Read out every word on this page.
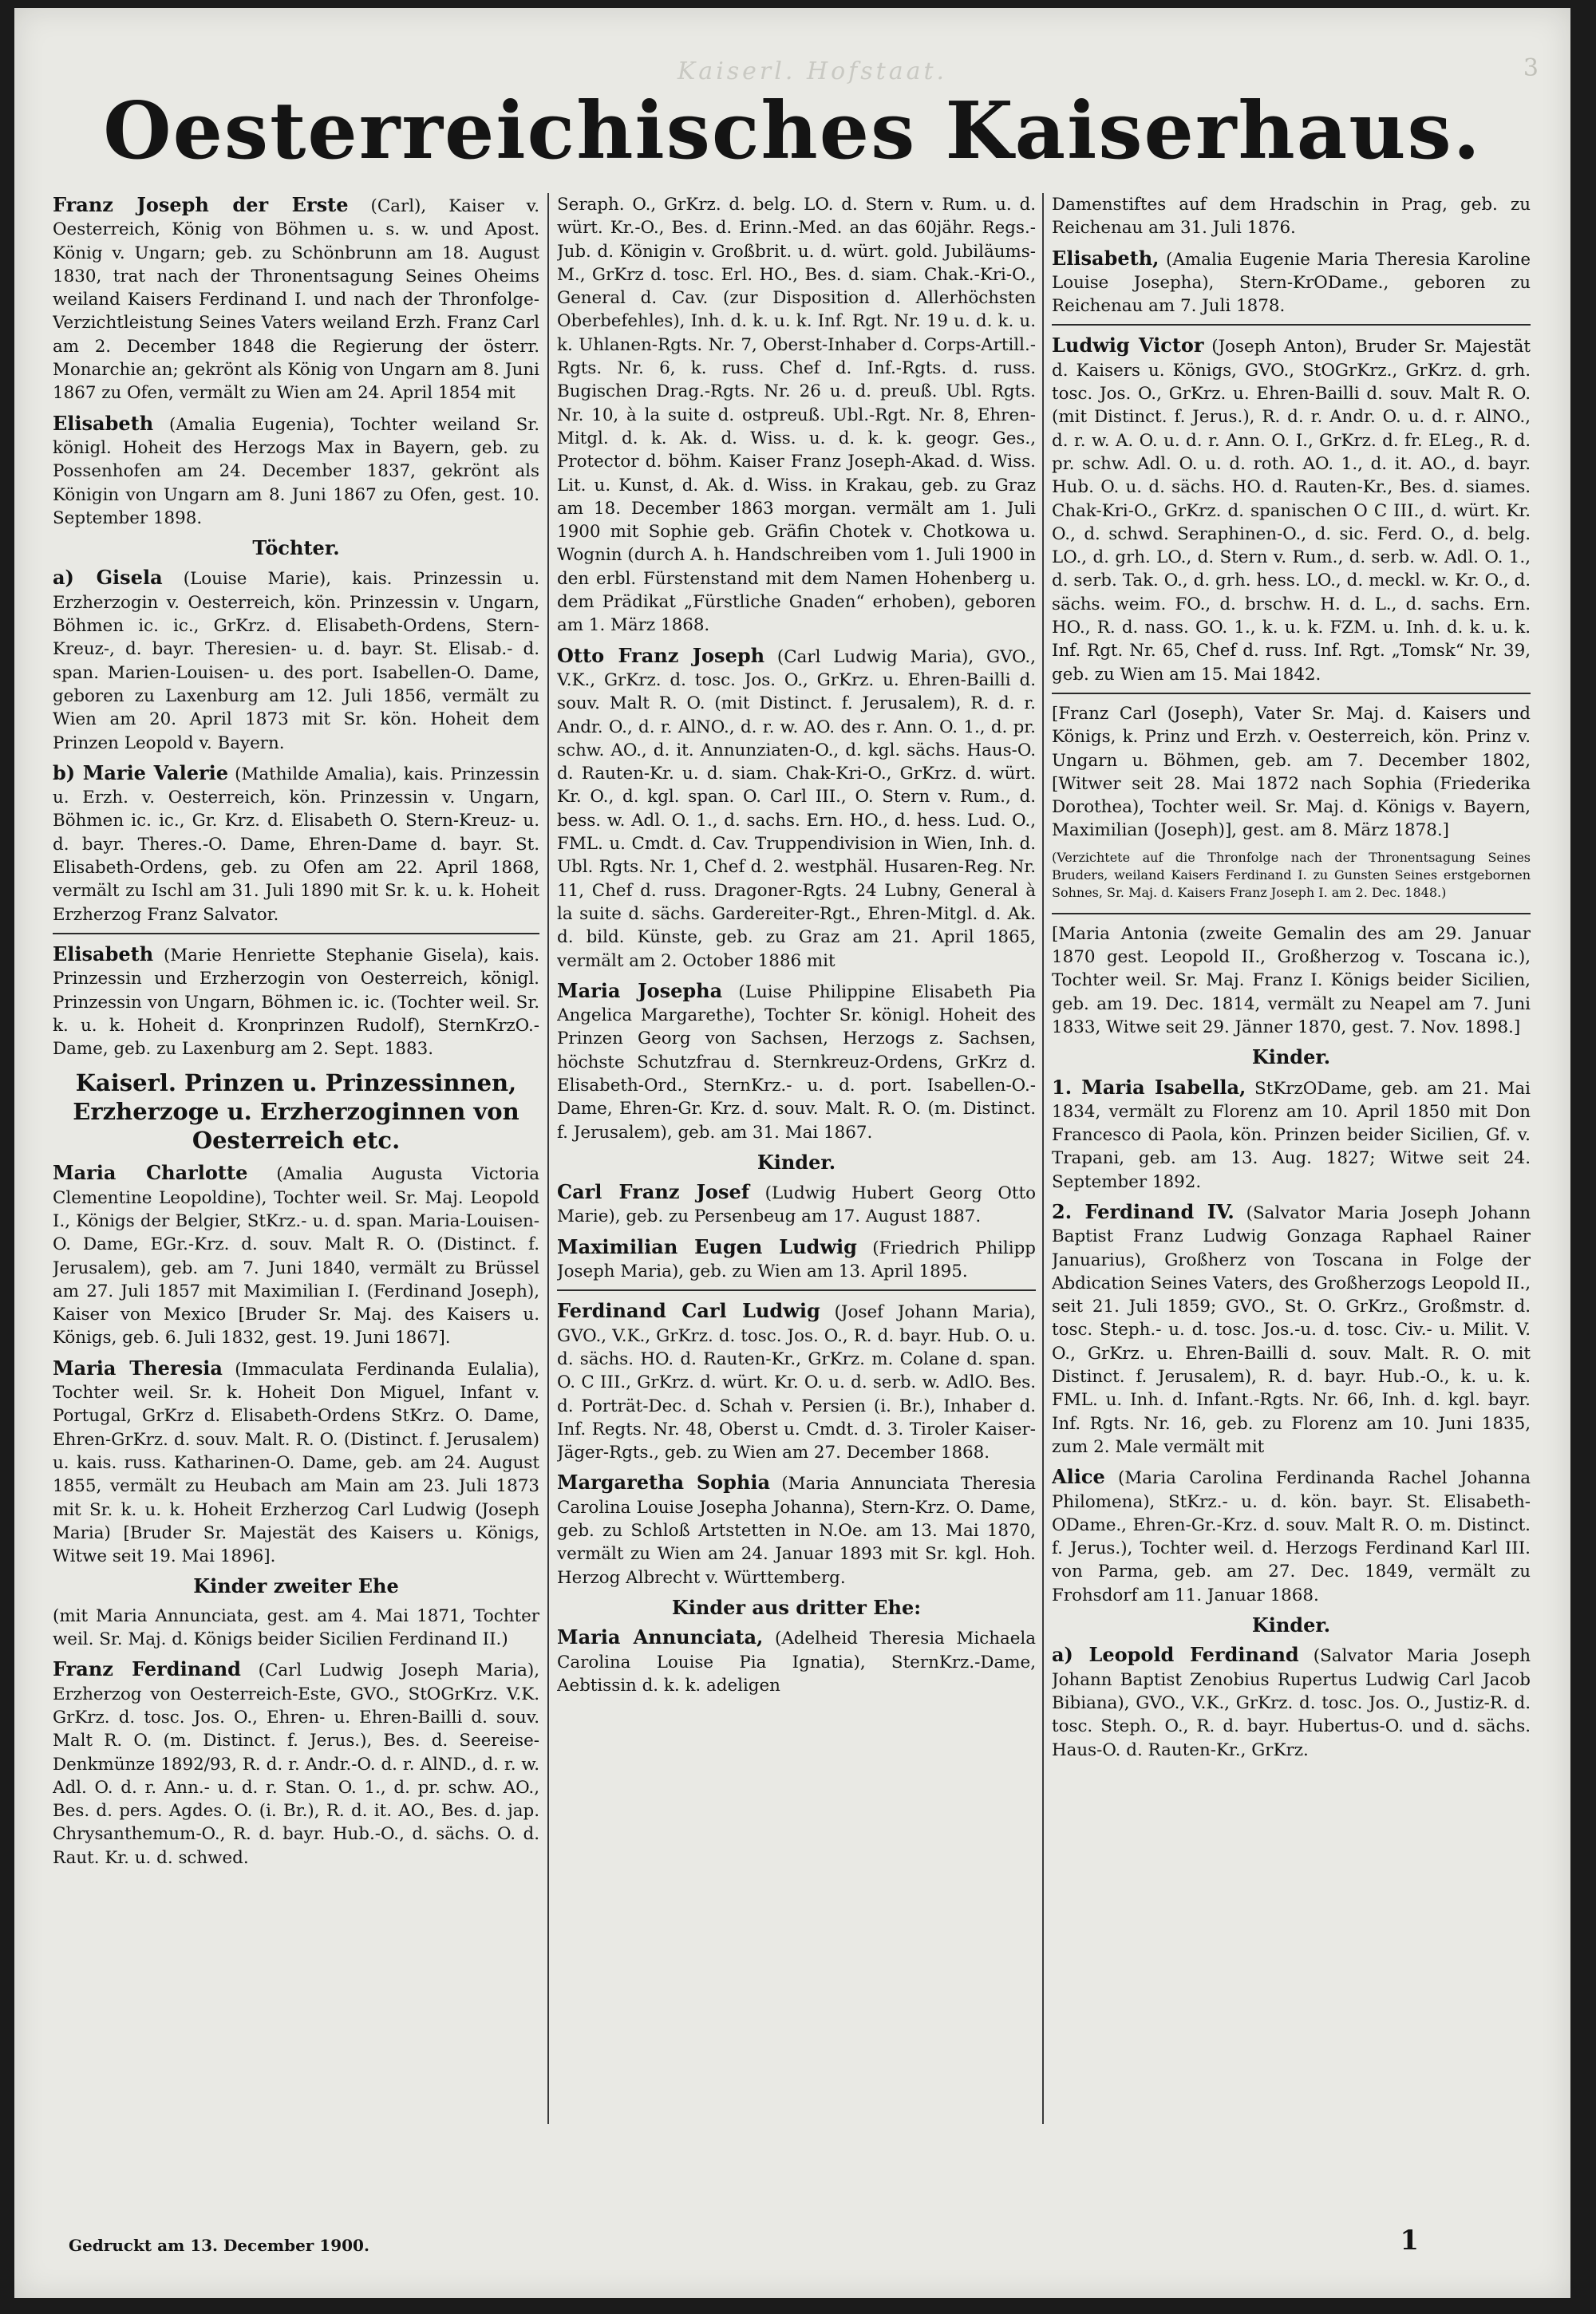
Kaiserl. Hofstaat.	3
Oesterreichisches Kaiserhaus.
Franz Joseph der Erste (Carl), Kaiser v. Oesterreich, König von Böhmen u. s. w. und Apost. König v. Ungarn; geb. zu Schönbrunn am 18. August 1830, trat nach der Thronentsagung Seines Oheims weiland Kaisers Ferdinand I. und nach der Thronfolge-Verzichtleistung Seines Vaters weiland Erzh. Franz Carl am 2. December 1848 die Regierung der österr. Monarchie an; gekrönt als König von Ungarn am 8. Juni 1867 zu Ofen, vermält zu Wien am 24. April 1854 mit
Elisabeth (Amalia Eugenia), Tochter weiland Sr. königl. Hoheit des Herzogs Max in Bayern, geb. zu Possenhofen am 24. December 1837, gekrönt als Königin von Ungarn am 8. Juni 1867 zu Ofen, gest. 10. September 1898.
Töchter.
a) Gisela (Louise Marie), kais. Prinzessin u. Erzherzogin v. Oesterreich, kön. Prinzessin v. Ungarn, Böhmen ic. ic., GrKrz. d. Elisabeth-Ordens, Stern-Kreuz-, d. bayr. Theresien- u. d. bayr. St. Elisab.- d. span. Marien-Louisen- u. des port. Isabellen-O. Dame, geboren zu Laxenburg am 12. Juli 1856, vermält zu Wien am 20. April 1873 mit Sr. kön. Hoheit dem Prinzen Leopold v. Bayern.
b) Marie Valerie (Mathilde Amalia), kais. Prinzessin u. Erzh. v. Oesterreich, kön. Prinzessin v. Ungarn, Böhmen ic. ic., Gr. Krz. d. Elisabeth O. Stern-Kreuz- u. d. bayr. Theres.-O. Dame, Ehren-Dame d. bayr. St. Elisabeth-Ordens, geb. zu Ofen am 22. April 1868, vermält zu Ischl am 31. Juli 1890 mit Sr. k. u. k. Hoheit Erzherzog Franz Salvator.
Elisabeth (Marie Henriette Stephanie Gisela), kais. Prinzessin und Erzherzogin von Oesterreich, königl. Prinzessin von Ungarn, Böhmen ic. ic. (Tochter weil. Sr. k. u. k. Hoheit d. Kronprinzen Rudolf), SternKrzO.-Dame, geb. zu Laxenburg am 2. Sept. 1883.
Kaiserl. Prinzen u. Prinzessinnen, Erzherzoge u. Erzherzoginnen von Oesterreich etc.
Maria Charlotte (Amalia Augusta Victoria Clementine Leopoldine), Tochter weil. Sr. Maj. Leopold I., Königs der Belgier, StKrz.- u. d. span. Maria-Louisen-O. Dame, EGr.-Krz. d. souv. Malt R. O. (Distinct. f. Jerusalem), geb. am 7. Juni 1840, vermält zu Brüssel am 27. Juli 1857 mit Maximilian I. (Ferdinand Joseph), Kaiser von Mexico [Bruder Sr. Maj. des Kaisers u. Königs, geb. 6. Juli 1832, gest. 19. Juni 1867].
Maria Theresia (Immaculata Ferdinanda Eulalia), Tochter weil. Sr. k. Hoheit Don Miguel, Infant v. Portugal, GrKrz d. Elisabeth-Ordens StKrz. O. Dame, Ehren-GrKrz. d. souv. Malt. R. O. (Distinct. f. Jerusalem) u. kais. russ. Katharinen-O. Dame, geb. am 24. August 1855, vermält zu Heubach am Main am 23. Juli 1873 mit Sr. k. u. k. Hoheit Erzherzog Carl Ludwig (Joseph Maria) [Bruder Sr. Majestät des Kaisers u. Königs, Witwe seit 19. Mai 1896].
Kinder zweiter Ehe
(mit Maria Annunciata, gest. am 4. Mai 1871, Tochter weil. Sr. Maj. d. Königs beider Sicilien Ferdinand II.)
Franz Ferdinand (Carl Ludwig Joseph Maria), Erzherzog von Oesterreich-Este, GVO., StOGrKrz. V.K. GrKrz. d. tosc. Jos. O., Ehren- u. Ehren-Bailli d. souv. Malt R. O. (m. Distinct. f. Jerus.), Bes. d. Seereise-Denkmünze 1892/93, R. d. r. Andr.-O. d. r. AlND., d. r. w. Adl. O. d. r. Ann.- u. d. r. Stan. O. 1., d. pr. schw. AO., Bes. d. pers. Agdes. O. (i. Br.), R. d. it. AO., Bes. d. jap. Chrysanthemum-O., R. d. bayr. Hub.-O., d. sächs. O. d. Raut. Kr. u. d. schwed.
Seraph. O., GrKrz. d. belg. LO. d. Stern v. Rum. u. d. würt. Kr.-O., Bes. d. Erinn.-Med. an das 60jähr. Regs.-Jub. d. Königin v. Großbrit. u. d. würt. gold. Jubiläums-M., GrKrz d. tosc. Erl. HO., Bes. d. siam. Chak.-Kri-O., General d. Cav. (zur Disposition d. Allerhöchsten Oberbefehles), Inh. d. k. u. k. Inf. Rgt. Nr. 19 u. d. k. u. k. Uhlanen-Rgts. Nr. 7, Oberst-Inhaber d. Corps-Artill.-Rgts. Nr. 6, k. russ. Chef d. Inf.-Rgts. d. russ. Bugischen Drag.-Rgts. Nr. 26 u. d. preuß. Ubl. Rgts. Nr. 10, à la suite d. ostpreuß. Ubl.-Rgt. Nr. 8, Ehren-Mitgl. d. k. Ak. d. Wiss. u. d. k. k. geogr. Ges., Protector d. böhm. Kaiser Franz Joseph-Akad. d. Wiss. Lit. u. Kunst, d. Ak. d. Wiss. in Krakau, geb. zu Graz am 18. December 1863 morgan. vermält am 1. Juli 1900 mit Sophie geb. Gräfin Chotek v. Chotkowa u. Wognin (durch A. h. Handschreiben vom 1. Juli 1900 in den erbl. Fürstenstand mit dem Namen Hohenberg u. dem Prädikat „Fürstliche Gnaden“ erhoben), geboren am 1. März 1868.
Otto Franz Joseph (Carl Ludwig Maria), GVO., V.K., GrKrz. d. tosc. Jos. O., GrKrz. u. Ehren-Bailli d. souv. Malt R. O. (mit Distinct. f. Jerusalem), R. d. r. Andr. O., d. r. AlNO., d. r. w. AO. des r. Ann. O. 1., d. pr. schw. AO., d. it. Annunziaten-O., d. kgl. sächs. Haus-O. d. Rauten-Kr. u. d. siam. Chak-Kri-O., GrKrz. d. würt. Kr. O., d. kgl. span. O. Carl III., O. Stern v. Rum., d. bess. w. Adl. O. 1., d. sachs. Ern. HO., d. hess. Lud. O., FML. u. Cmdt. d. Cav. Truppendivision in Wien, Inh. d. Ubl. Rgts. Nr. 1, Chef d. 2. westphäl. Husaren-Reg. Nr. 11, Chef d. russ. Dragoner-Rgts. 24 Lubny, General à la suite d. sächs. Gardereiter-Rgt., Ehren-Mitgl. d. Ak. d. bild. Künste, geb. zu Graz am 21. April 1865, vermält am 2. October 1886 mit
Maria Josepha (Luise Philippine Elisabeth Pia Angelica Margarethe), Tochter Sr. königl. Hoheit des Prinzen Georg von Sachsen, Herzogs z. Sachsen, höchste Schutzfrau d. Sternkreuz-Ordens, GrKrz d. Elisabeth-Ord., SternKrz.- u. d. port. Isabellen-O.-Dame, Ehren-Gr. Krz. d. souv. Malt. R. O. (m. Distinct. f. Jerusalem), geb. am 31. Mai 1867.
Kinder.
Carl Franz Josef (Ludwig Hubert Georg Otto Marie), geb. zu Persenbeug am 17. August 1887.
Maximilian Eugen Ludwig (Friedrich Philipp Joseph Maria), geb. zu Wien am 13. April 1895.
Ferdinand Carl Ludwig (Josef Johann Maria), GVO., V.K., GrKrz. d. tosc. Jos. O., R. d. bayr. Hub. O. u. d. sächs. HO. d. Rauten-Kr., GrKrz. m. Colane d. span. O. C III., GrKrz. d. würt. Kr. O. u. d. serb. w. AdlO. Bes. d. Porträt-Dec. d. Schah v. Persien (i. Br.), Inhaber d. Inf. Regts. Nr. 48, Oberst u. Cmdt. d. 3. Tiroler Kaiser-Jäger-Rgts., geb. zu Wien am 27. December 1868.
Margaretha Sophia (Maria Annunciata Theresia Carolina Louise Josepha Johanna), Stern-Krz. O. Dame, geb. zu Schloß Artstetten in N.Oe. am 13. Mai 1870, vermält zu Wien am 24. Januar 1893 mit Sr. kgl. Hoh. Herzog Albrecht v. Württemberg.
Kinder aus dritter Ehe:
Maria Annunciata, (Adelheid Theresia Michaela Carolina Louise Pia Ignatia), SternKrz.-Dame, Aebtissin d. k. k. adeligen
Damenstiftes auf dem Hradschin in Prag, geb. zu Reichenau am 31. Juli 1876.
Elisabeth, (Amalia Eugenie Maria Theresia Karoline Louise Josepha), Stern-KrODame., geboren zu Reichenau am 7. Juli 1878.
Ludwig Victor (Joseph Anton), Bruder Sr. Majestät d. Kaisers u. Königs, GVO., StOGrKrz., GrKrz. d. grh. tosc. Jos. O., GrKrz. u. Ehren-Bailli d. souv. Malt R. O. (mit Distinct. f. Jerus.), R. d. r. Andr. O. u. d. r. AlNO., d. r. w. A. O. u. d. r. Ann. O. I., GrKrz. d. fr. ELeg., R. d. pr. schw. Adl. O. u. d. roth. AO. 1., d. it. AO., d. bayr. Hub. O. u. d. sächs. HO. d. Rauten-Kr., Bes. d. siames. Chak-Kri-O., GrKrz. d. spanischen O C III., d. würt. Kr. O., d. schwd. Seraphinen-O., d. sic. Ferd. O., d. belg. LO., d. grh. LO., d. Stern v. Rum., d. serb. w. Adl. O. 1., d. serb. Tak. O., d. grh. hess. LO., d. meckl. w. Kr. O., d. sächs. weim. FO., d. brschw. H. d. L., d. sachs. Ern. HO., R. d. nass. GO. 1., k. u. k. FZM. u. Inh. d. k. u. k. Inf. Rgt. Nr. 65, Chef d. russ. Inf. Rgt. „Tomsk“ Nr. 39, geb. zu Wien am 15. Mai 1842.
[Franz Carl (Joseph), Vater Sr. Maj. d. Kaisers und Königs, k. Prinz und Erzh. v. Oesterreich, kön. Prinz v. Ungarn u. Böhmen, geb. am 7. December 1802, [Witwer seit 28. Mai 1872 nach Sophia (Friederika Dorothea), Tochter weil. Sr. Maj. d. Königs v. Bayern, Maximilian (Joseph)], gest. am 8. März 1878.]
(Verzichtete auf die Thronfolge nach der Thronentsagung Seines Bruders, weiland Kaisers Ferdinand I. zu Gunsten Seines erstgebornen Sohnes, Sr. Maj. d. Kaisers Franz Joseph I. am 2. Dec. 1848.)
[Maria Antonia (zweite Gemalin des am 29. Januar 1870 gest. Leopold II., Großherzog v. Toscana ic.), Tochter weil. Sr. Maj. Franz I. Königs beider Sicilien, geb. am 19. Dec. 1814, vermält zu Neapel am 7. Juni 1833, Witwe seit 29. Jänner 1870, gest. 7. Nov. 1898.]
Kinder.
1. Maria Isabella, StKrzODame, geb. am 21. Mai 1834, vermält zu Florenz am 10. April 1850 mit Don Francesco di Paola, kön. Prinzen beider Sicilien, Gf. v. Trapani, geb. am 13. Aug. 1827; Witwe seit 24. September 1892.
2. Ferdinand IV. (Salvator Maria Joseph Johann Baptist Franz Ludwig Gonzaga Raphael Rainer Januarius), Großherz von Toscana in Folge der Abdication Seines Vaters, des Großherzogs Leopold II., seit 21. Juli 1859; GVO., St. O. GrKrz., Großmstr. d. tosc. Steph.- u. d. tosc. Jos.-u. d. tosc. Civ.- u. Milit. V. O., GrKrz. u. Ehren-Bailli d. souv. Malt. R. O. mit Distinct. f. Jerusalem), R. d. bayr. Hub.-O., k. u. k. FML. u. Inh. d. Infant.-Rgts. Nr. 66, Inh. d. kgl. bayr. Inf. Rgts. Nr. 16, geb. zu Florenz am 10. Juni 1835, zum 2. Male vermält mit
Alice (Maria Carolina Ferdinanda Rachel Johanna Philomena), StKrz.- u. d. kön. bayr. St. Elisabeth-ODame., Ehren-Gr.-Krz. d. souv. Malt R. O. m. Distinct. f. Jerus.), Tochter weil. d. Herzogs Ferdinand Karl III. von Parma, geb. am 27. Dec. 1849, vermält zu Frohsdorf am 11. Januar 1868.
Kinder.
a) Leopold Ferdinand (Salvator Maria Joseph Johann Baptist Zenobius Rupertus Ludwig Carl Jacob Bibiana), GVO., V.K., GrKrz. d. tosc. Jos. O., Justiz-R. d. tosc. Steph. O., R. d. bayr. Hubertus-O. und d. sächs. Haus-O. d. Rauten-Kr., GrKrz.
Gedruckt am 13. December 1900.	1
